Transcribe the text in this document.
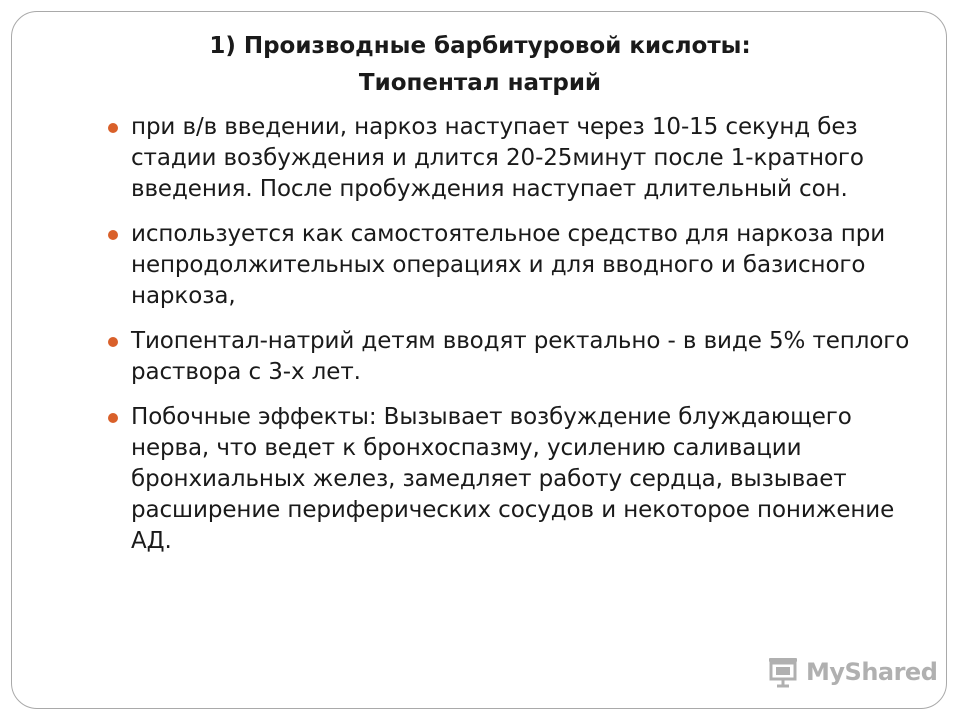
1) Производные барбитуровой кислоты:
Тиопентал натрий
при в/в введении, наркоз наступает через 10-15 секунд без стадии возбуждения и длится 20-25минут после 1-кратного введения. После пробуждения наступает длительный сон.
используется как самостоятельное средство для наркоза при непродолжительных операциях и для вводного и базисного наркоза,
Тиопентал-натрий детям вводят ректально - в виде 5% теплого раствора с 3-х лет.
Побочные эффекты: Вызывает возбуждение блуждающего нерва, что ведет к бронхоспазму, усилению саливации бронхиальных желез, замедляет работу сердца, вызывает расширение периферических сосудов и некоторое понижение АД.
MyShared
